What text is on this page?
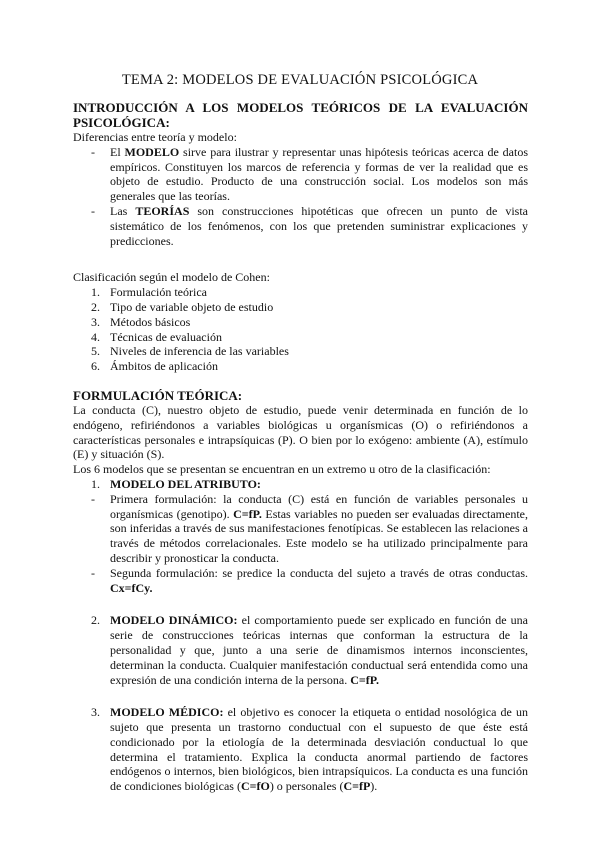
TEMA 2: MODELOS DE EVALUACIÓN PSICOLÓGICA
INTRODUCCIÓN A LOS MODELOS TEÓRICOS DE LA EVALUACIÓN PSICOLÓGICA:

Diferencias entre teoría y modelo:

- El MODELO sirve para ilustrar y representar unas hipótesis teóricas acerca de datos empíricos. Constituyen los marcos de referencia y formas de ver la realidad que es objeto de estudio. Producto de una construcción social. Los modelos son más generales que las teorías.
- Las TEORÍAS son construcciones hipotéticas que ofrecen un punto de vista sistemático de los fenómenos, con los que pretenden suministrar explicaciones y predicciones.

Clasificación según el modelo de Cohen:

1. Formulación teórica
2. Tipo de variable objeto de estudio
3. Métodos básicos
4. Técnicas de evaluación
5. Niveles de inferencia de las variables
6. Ámbitos de aplicación
FORMULACIÓN TEÓRICA:

La conducta (C), nuestro objeto de estudio, puede venir determinada en función de lo endógeno, refiriéndonos a variables biológicas u organísmicas (O) o refiriéndonos a características personales e intrapsíquicas (P). O bien por lo exógeno: ambiente (A), estímulo (E) y situación (S).

Los 6 modelos que se presentan se encuentran en un extremo u otro de la clasificación:

1. MODELO DEL ATRIBUTO:
- Primera formulación: la conducta (C) está en función de variables personales u organísmicas (genotipo). C=fP. Estas variables no pueden ser evaluadas directamente, son inferidas a través de sus manifestaciones fenotípicas. Se establecen las relaciones a través de métodos correlacionales. Este modelo se ha utilizado principalmente para describir y pronosticar la conducta.
- Segunda formulación: se predice la conducta del sujeto a través de otras conductas. Cx=fCy.
2. MODELO DINÁMICO: el comportamiento puede ser explicado en función de una serie de construcciones teóricas internas que conforman la estructura de la personalidad y que, junto a una serie de dinamismos internos inconscientes, determinan la conducta. Cualquier manifestación conductual será entendida como una expresión de una condición interna de la persona. C=fP.
3. MODELO MÉDICO: el objetivo es conocer la etiqueta o entidad nosológica de un sujeto que presenta un trastorno conductual con el supuesto de que éste está condicionado por la etiología de la determinada desviación conductual lo que determina el tratamiento. Explica la conducta anormal partiendo de factores endógenos o internos, bien biológicos, bien intrapsíquicos. La conducta es una función de condiciones biológicas (C=fO) o personales (C=fP).
